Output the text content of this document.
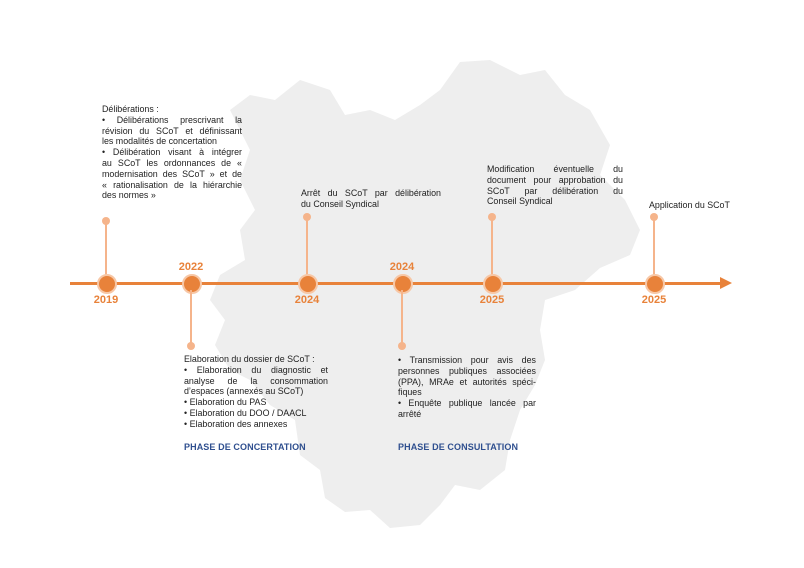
2019
Délibérations :
• Délibérations prescrivant la
révision du SCoT et définissant
les modalités de concertation
• Délibération visant à intégrer
au SCoT les ordonnances de «
modernisation des SCoT » et de
« rationalisation de la hiérarchie
des normes »
2022
Elaboration du dossier de SCoT :
• Elaboration du diagnostic et
analyse de la consommation
d’espaces (annexés au SCoT)
• Elaboration du PAS
• Elaboration du DOO / DAACL
• Elaboration des annexes
PHASE DE CONCERTATION
Arrêt du SCoT par délibération
du Conseil Syndical
2024
2024
• Transmission pour avis des
personnes publiques associées
(PPA), MRAe et autorités spéci-
fiques
• Enquête publique lancée par
arrêté
PHASE DE CONSULTATION
Modification éventuelle du
document pour approbation du
SCoT par délibération du
Conseil Syndical
2025
Application du SCoT
2025
